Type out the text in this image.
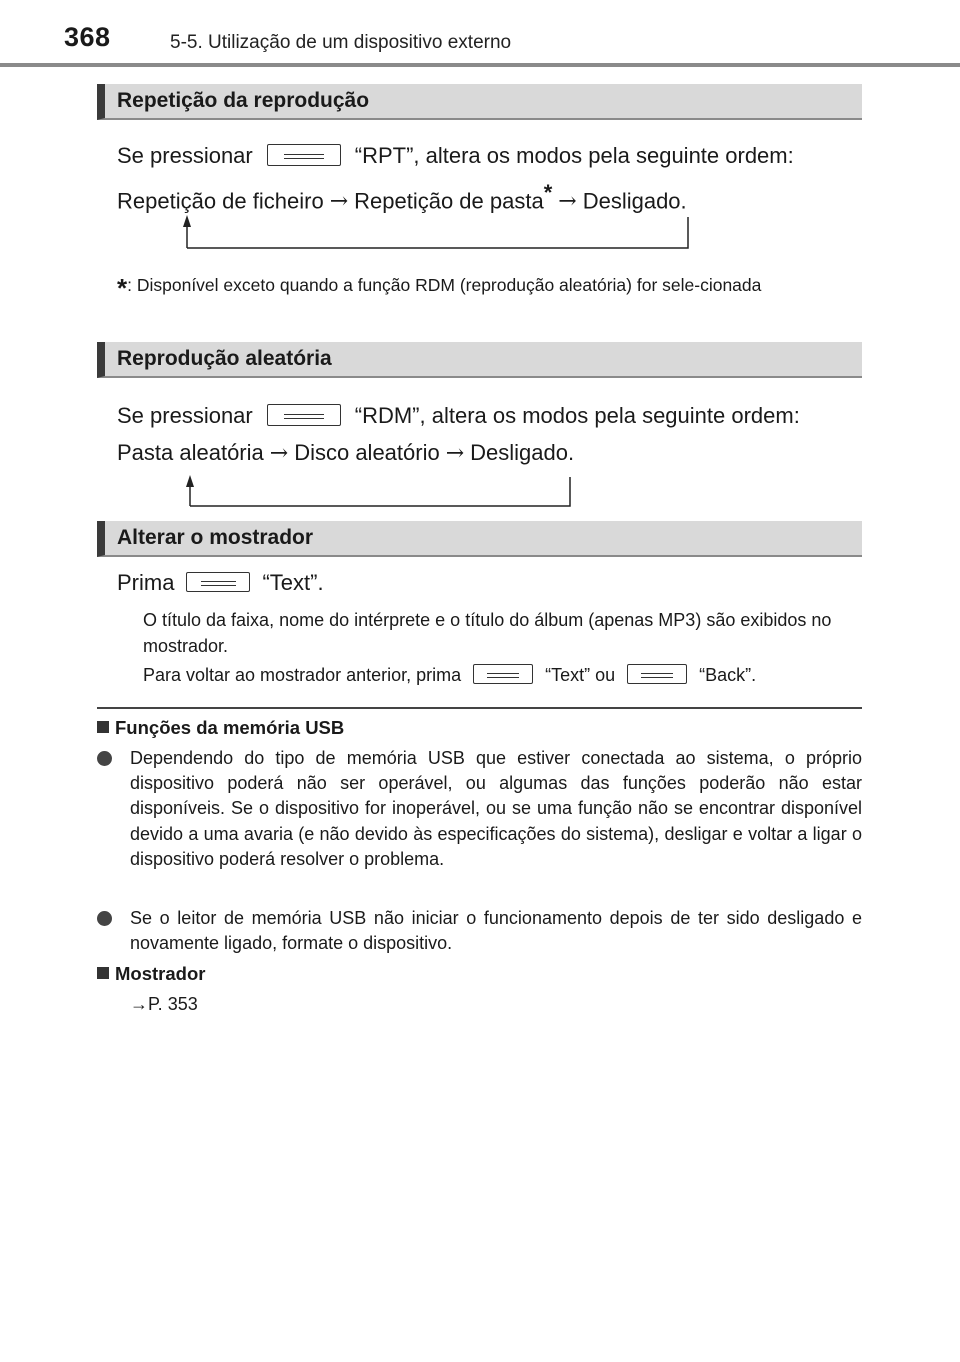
368	5-5. Utilização de um dispositivo externo
Repetição da reprodução
Se pressionar	“RPT”, altera os modos pela seguinte ordem:
Repetição de ficheiro → Repetição de pasta* → Desligado.
*: Disponível exceto quando a função RDM (reprodução aleatória) for sele-cionada
Reprodução aleatória
Se pressionar	“RDM”, altera os modos pela seguinte ordem:
Pasta aleatória → Disco aleatório → Desligado.
Alterar o mostrador
Prima	“Text”.
O título da faixa, nome do intérprete e o título do álbum (apenas MP3) são exibidos no mostrador.
Para voltar ao mostrador anterior, prima	“Text” ou	“Back”.
Funções da memória USB
Dependendo do tipo de memória USB que estiver conectada ao sistema, o próprio dispositivo poderá não ser operável, ou algumas das funções poderão não estar disponíveis. Se o dispositivo for inoperável, ou se uma função não se encontrar disponível devido a uma avaria (e não devido às especificações do sistema), desligar e voltar a ligar o dispositivo poderá resolver o problema.
Se o leitor de memória USB não iniciar o funcionamento depois de ter sido desligado e novamente ligado, formate o dispositivo.
Mostrador
→P. 353
